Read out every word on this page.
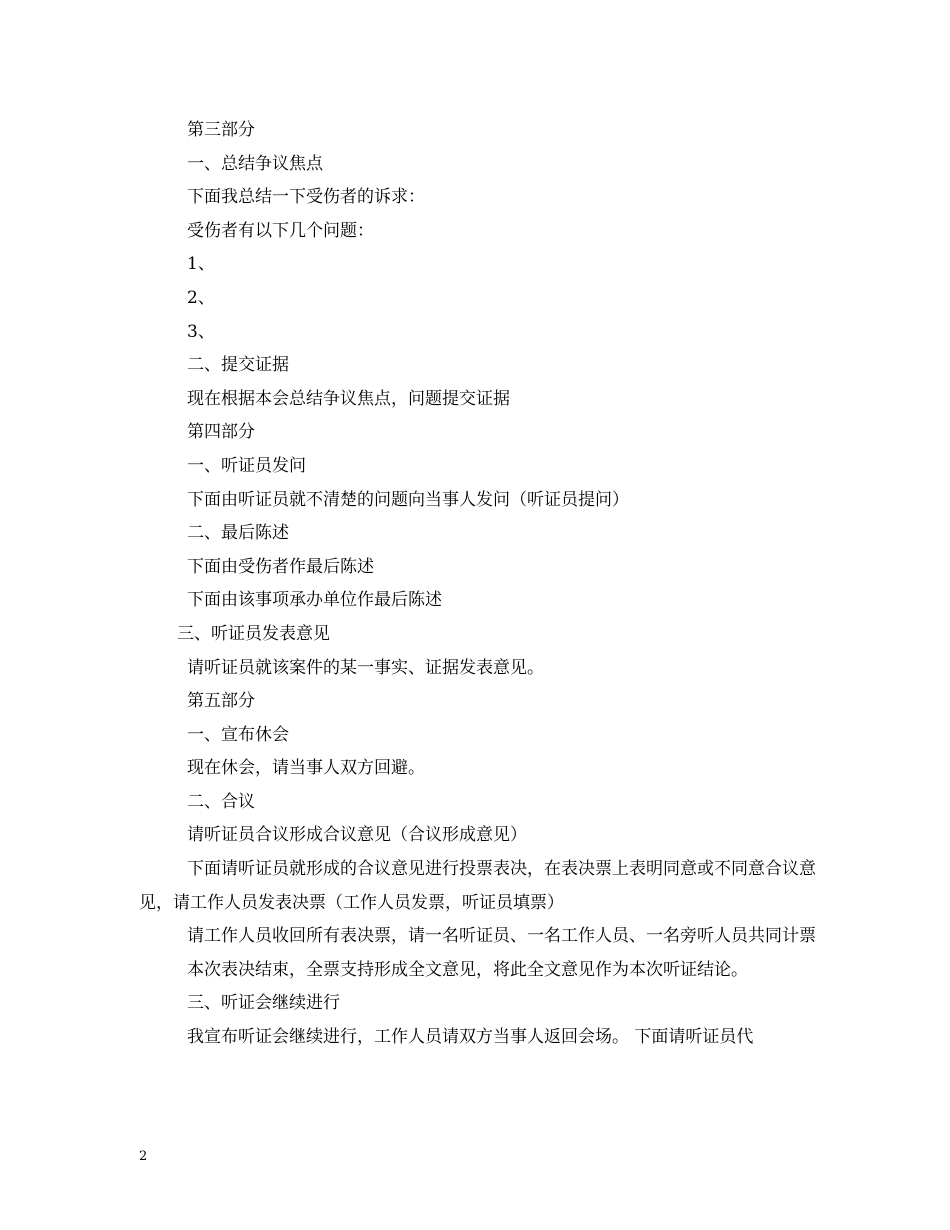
第三部分
一、总结争议焦点
下面我总结一下受伤者的诉求：
受伤者有以下几个问题：
1、
2、
3、
二、提交证据
现在根据本会总结争议焦点，问题提交证据
第四部分
一、听证员发问
下面由听证员就不清楚的问题向当事人发问（听证员提问）
二、最后陈述
下面由受伤者作最后陈述
下面由该事项承办单位作最后陈述
三、听证员发表意见
请听证员就该案件的某一事实、证据发表意见。
第五部分
一、宣布休会
现在休会，请当事人双方回避。
二、合议
请听证员合议形成合议意见（合议形成意见）

下面请听证员就形成的合议意见进行投票表决，在表决票上表明同意或不同意合议意见，请工作人员发表决票（工作人员发票，听证员填票）

请工作人员收回所有表决票，请一名听证员、一名工作人员、一名旁听人员共同计票

本次表决结束，全票支持形成全文意见，将此全文意见作为本次听证结论。
三、听证会继续进行
我宣布听证会继续进行，工作人员请双方当事人返回会场。 下面请听证员代
2
